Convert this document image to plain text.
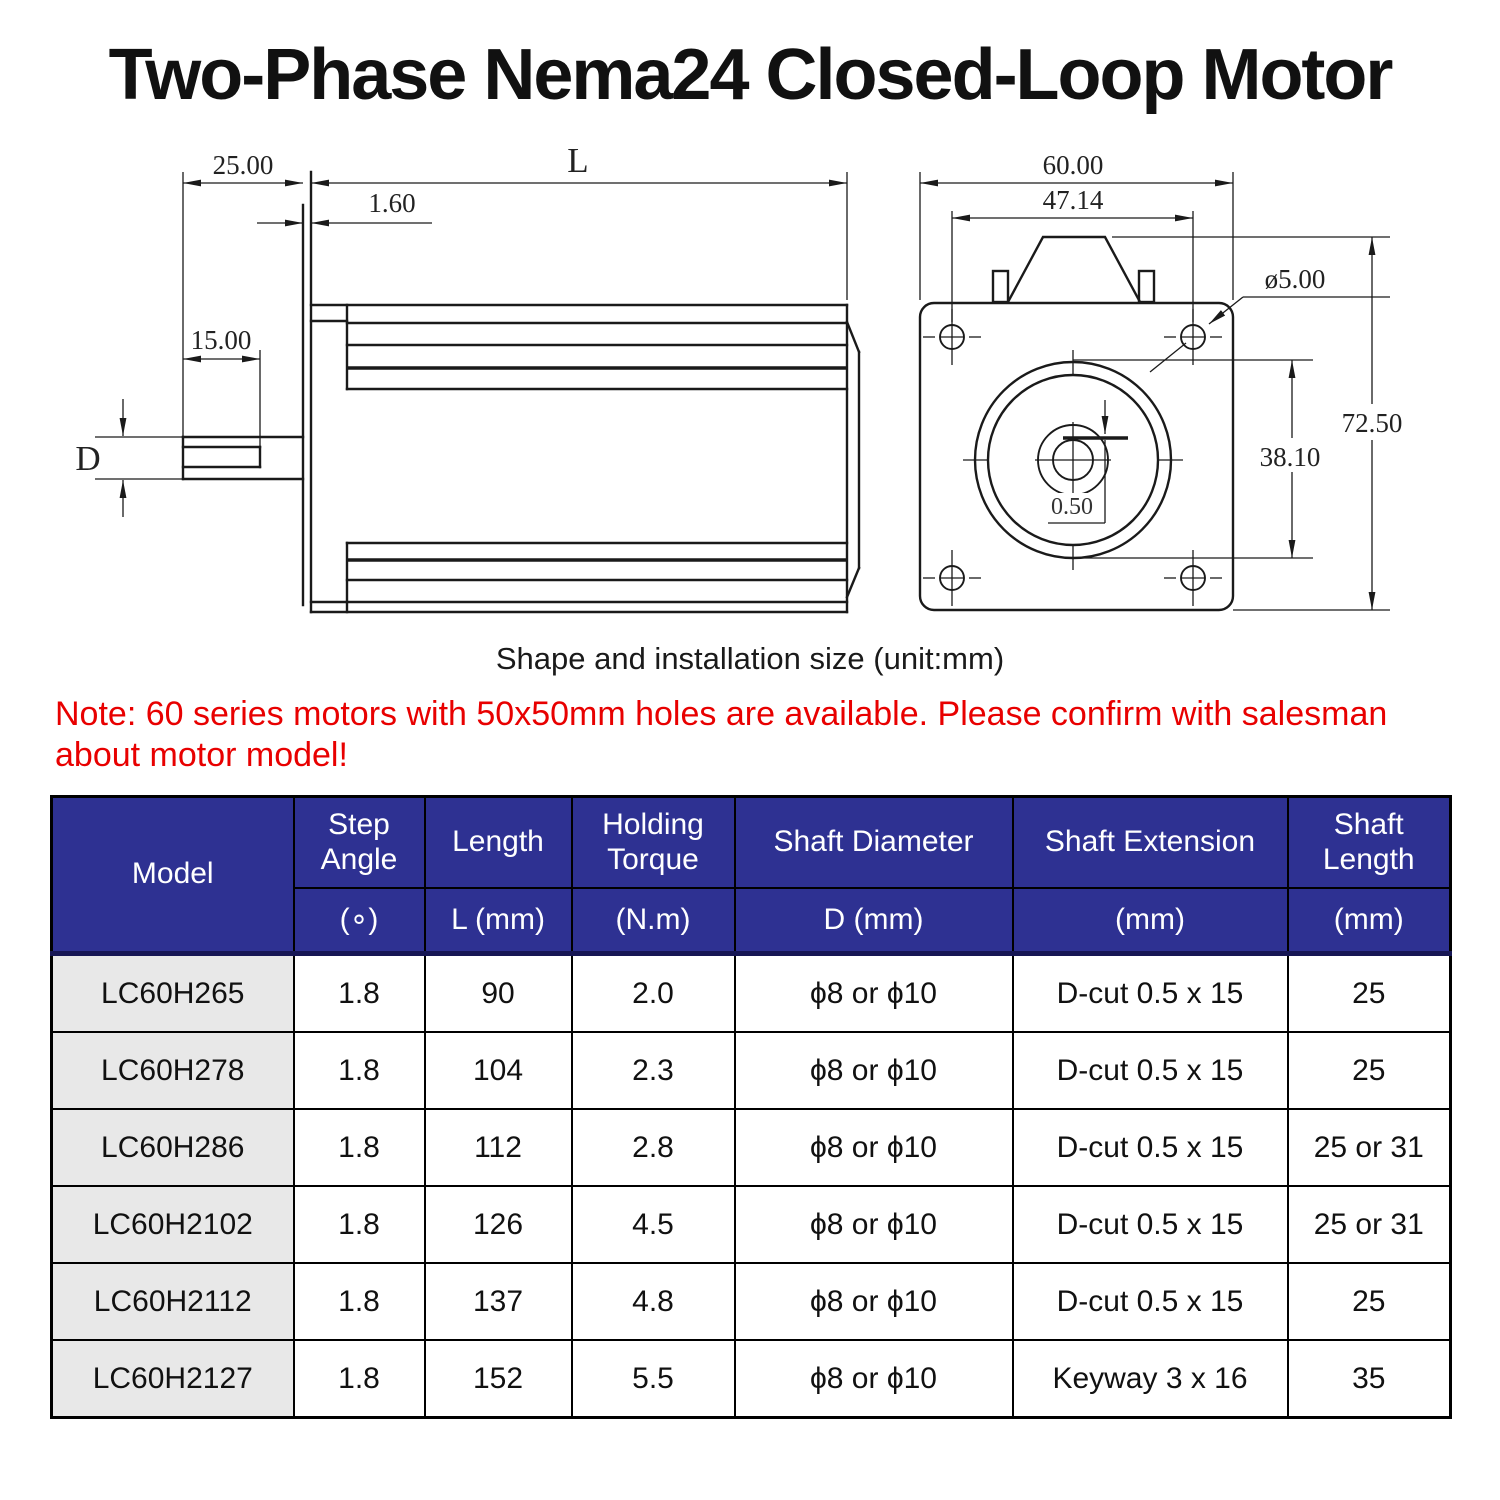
Two-Phase Nema24 Closed-Loop Motor
25.00	L
1.60
15.00
D
60.00
47.14
ø5.00
72.50
38.10
0.50
Shape and installation size (unit:mm)
Note: 60 series motors with 50x50mm holes are available. Please confirm with salesman about motor model!
Model	Step Angle	Length	Holding Torque	Shaft Diameter	Shaft Extension	Shaft Length
	(∘)	L (mm)	(N.m)	D (mm)	(mm)	(mm)
LC60H265	1.8	90	2.0	ϕ8 or ϕ10	D-cut 0.5 x 15	25
LC60H278	1.8	104	2.3	ϕ8 or ϕ10	D-cut 0.5 x 15	25
LC60H286	1.8	112	2.8	ϕ8 or ϕ10	D-cut 0.5 x 15	25 or 31
LC60H2102	1.8	126	4.5	ϕ8 or ϕ10	D-cut 0.5 x 15	25 or 31
LC60H2112	1.8	137	4.8	ϕ8 or ϕ10	D-cut 0.5 x 15	25
LC60H2127	1.8	152	5.5	ϕ8 or ϕ10	Keyway 3 x 16	35
